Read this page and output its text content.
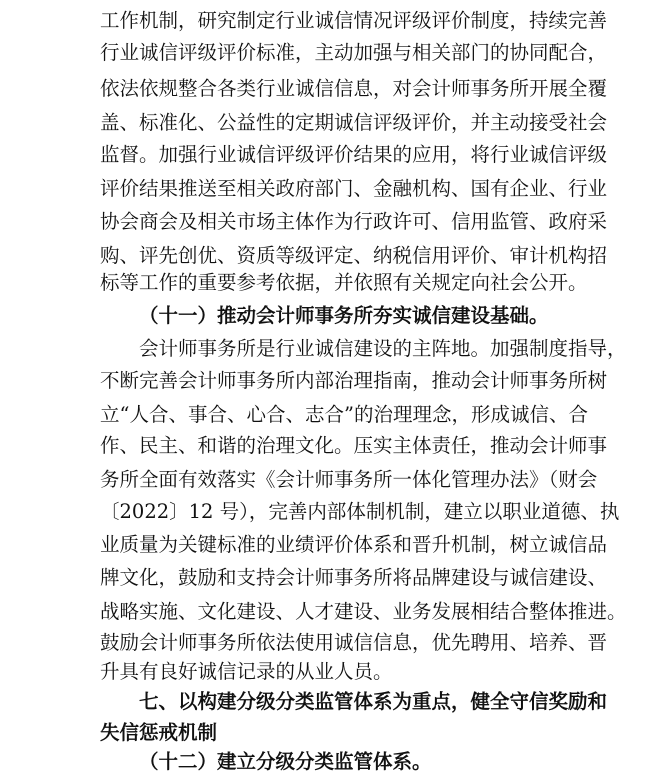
工作机制，研究制定行业诚信情况评级评价制度，持续完善
行业诚信评级评价标准，主动加强与相关部门的协同配合，
依法依规整合各类行业诚信信息，对会计师事务所开展全覆
盖、标准化、公益性的定期诚信评级评价，并主动接受社会
监督。加强行业诚信评级评价结果的应用，将行业诚信评级
评价结果推送至相关政府部门、金融机构、国有企业、行业
协会商会及相关市场主体作为行政许可、信用监管、政府采
购、评先创优、资质等级评定、纳税信用评价、审计机构招
标等工作的重要参考依据，并依照有关规定向社会公开。
（十一）推动会计师事务所夯实诚信建设基础。
会计师事务所是行业诚信建设的主阵地。加强制度指导，
不断完善会计师事务所内部治理指南，推动会计师事务所树
立“人合、事合、心合、志合”的治理理念，形成诚信、合
作、民主、和谐的治理文化。压实主体责任，推动会计师事
务所全面有效落实《会计师事务所一体化管理办法》（财会
〔2022〕12 号），完善内部体制机制，建立以职业道德、执
业质量为关键标准的业绩评价体系和晋升机制，树立诚信品
牌文化，鼓励和支持会计师事务所将品牌建设与诚信建设、
战略实施、文化建设、人才建设、业务发展相结合整体推进。
鼓励会计师事务所依法使用诚信信息，优先聘用、培养、晋
升具有良好诚信记录的从业人员。
七、以构建分级分类监管体系为重点，健全守信奖励和
失信惩戒机制
（十二）建立分级分类监管体系。
